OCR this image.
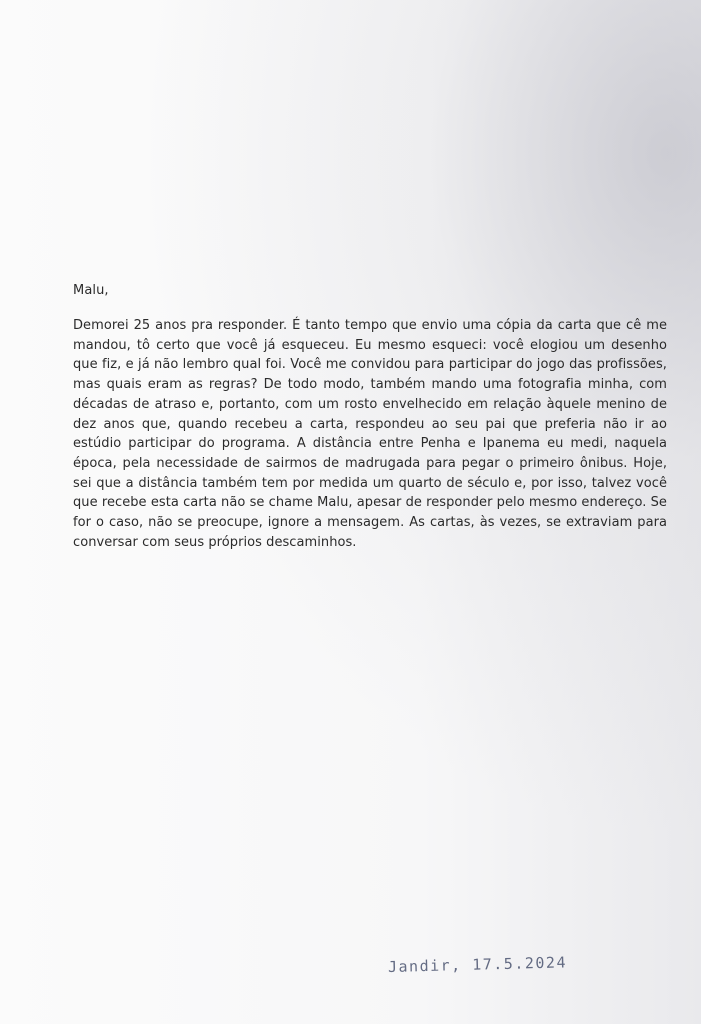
Malu,

Demorei 25 anos pra responder. É tanto tempo que envio uma cópia da carta que cê me mandou, tô certo que você já esqueceu. Eu mesmo esqueci: você elogiou um desenho que fiz, e já não lembro qual foi. Você me convidou para participar do jogo das profissões, mas quais eram as regras? De todo modo, também mando uma fotografia minha, com décadas de atraso e, portanto, com um rosto envelhecido em relação àquele menino de dez anos que, quando recebeu a carta, respondeu ao seu pai que preferia não ir ao estúdio participar do programa. A distância entre Penha e Ipanema eu medi, naquela época, pela necessidade de sairmos de madrugada para pegar o primeiro ônibus. Hoje, sei que a distância também tem por medida um quarto de século e, por isso, talvez você que recebe esta carta não se chame Malu, apesar de responder pelo mesmo endereço. Se for o caso, não se preocupe, ignore a mensagem. As cartas, às vezes, se extraviam para conversar com seus próprios descaminhos.

Jandir, 17.5.2024
